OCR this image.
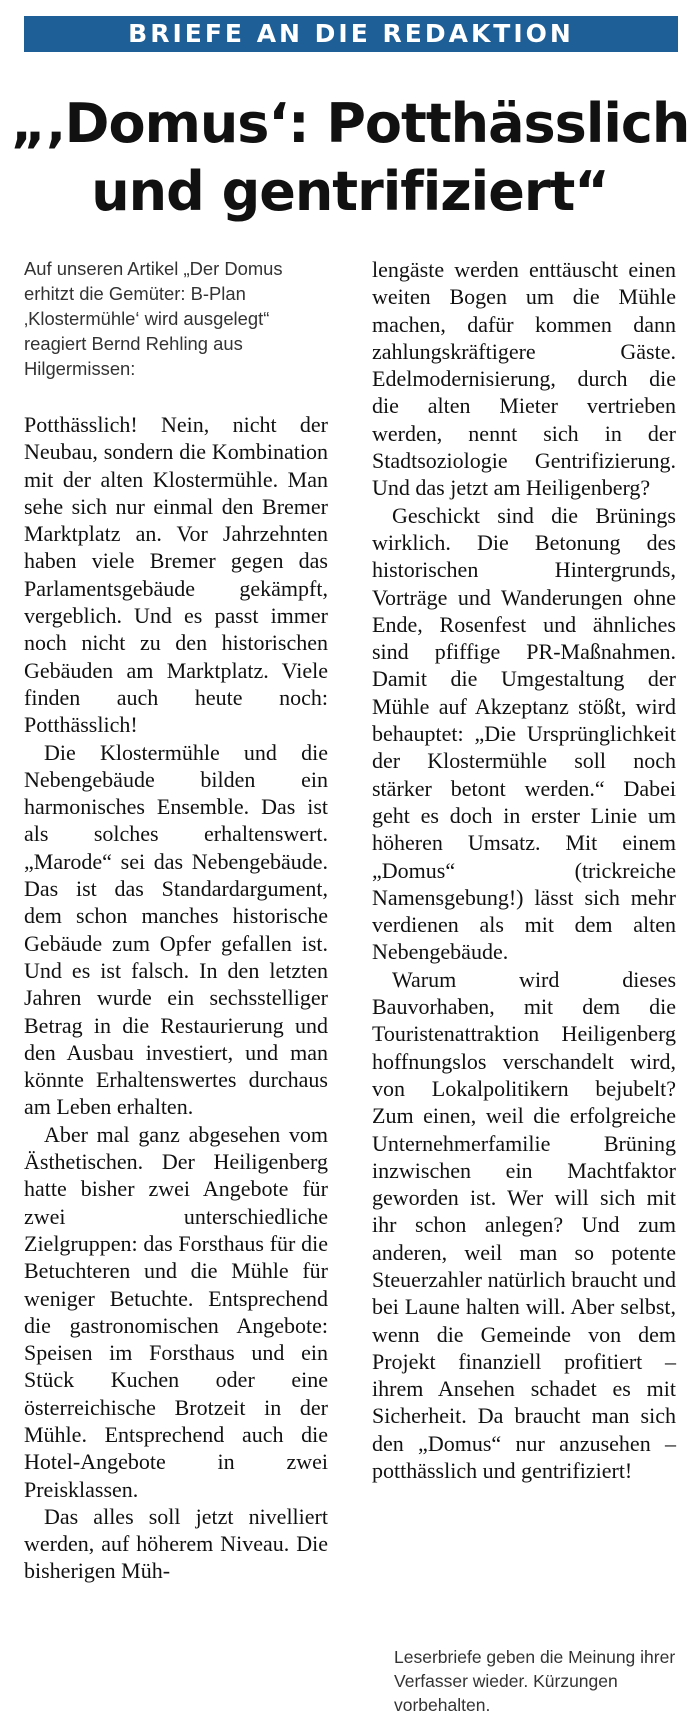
BRIEFE AN DIE REDAKTION
„‚Domus‘: Potthässlich
und gentrifiziert“

Auf unseren Artikel „Der Domus erhitzt die Gemüter: B-Plan ‚Klostermühle‘ wird ausgelegt“ reagiert Bernd Rehling aus Hilgermissen:

Potthässlich! Nein, nicht der Neubau, sondern die Kombination mit der alten Klostermühle. Man sehe sich nur einmal den Bremer Marktplatz an. Vor Jahrzehnten haben viele Bremer gegen das Parlamentsgebäude gekämpft, vergeblich. Und es passt immer noch nicht zu den historischen Gebäuden am Marktplatz. Viele finden auch heute noch: Potthässlich!

Die Klostermühle und die Nebengebäude bilden ein harmonisches Ensemble. Das ist als solches erhaltenswert. „Marode“ sei das Nebengebäude. Das ist das Standardargument, dem schon manches historische Gebäude zum Opfer gefallen ist. Und es ist falsch. In den letzten Jahren wurde ein sechsstelliger Betrag in die Restaurierung und den Ausbau investiert, und man könnte Erhaltenswertes durchaus am Leben erhalten.

Aber mal ganz abgesehen vom Ästhetischen. Der Heiligenberg hatte bisher zwei Angebote für zwei unterschiedliche Zielgruppen: das Forsthaus für die Betuchteren und die Mühle für weniger Betuchte. Entsprechend die gastronomischen Angebote: Speisen im Forsthaus und ein Stück Kuchen oder eine österreichische Brotzeit in der Mühle. Entsprechend auch die Hotel-Angebote in zwei Preisklassen.

Das alles soll jetzt nivelliert werden, auf höherem Niveau. Die bisherigen Müh-

lengäste werden enttäuscht einen weiten Bogen um die Mühle machen, dafür kommen dann zahlungskräftigere Gäste. Edelmodernisierung, durch die die alten Mieter vertrieben werden, nennt sich in der Stadtsoziologie Gentrifizierung. Und das jetzt am Heiligenberg?

Geschickt sind die Brünings wirklich. Die Betonung des historischen Hintergrunds, Vorträge und Wanderungen ohne Ende, Rosenfest und ähnliches sind pfiffige PR-Maßnahmen. Damit die Umgestaltung der Mühle auf Akzeptanz stößt, wird behauptet: „Die Ursprünglichkeit der Klostermühle soll noch stärker betont werden.“ Dabei geht es doch in erster Linie um höheren Umsatz. Mit einem „Domus“ (trickreiche Namensgebung!) lässt sich mehr verdienen als mit dem alten Nebengebäude.

Warum wird dieses Bauvorhaben, mit dem die Touristenattraktion Heiligenberg hoffnungslos verschandelt wird, von Lokalpolitikern bejubelt? Zum einen, weil die erfolgreiche Unternehmerfamilie Brüning inzwischen ein Machtfaktor geworden ist. Wer will sich mit ihr schon anlegen? Und zum anderen, weil man so potente Steuerzahler natürlich braucht und bei Laune halten will. Aber selbst, wenn die Gemeinde von dem Projekt finanziell profitiert – ihrem Ansehen schadet es mit Sicherheit. Da braucht man sich den „Domus“ nur anzusehen – potthässlich und gentrifiziert!

Leserbriefe geben die Meinung ihrer Verfasser wieder. Kürzungen vorbehalten.
